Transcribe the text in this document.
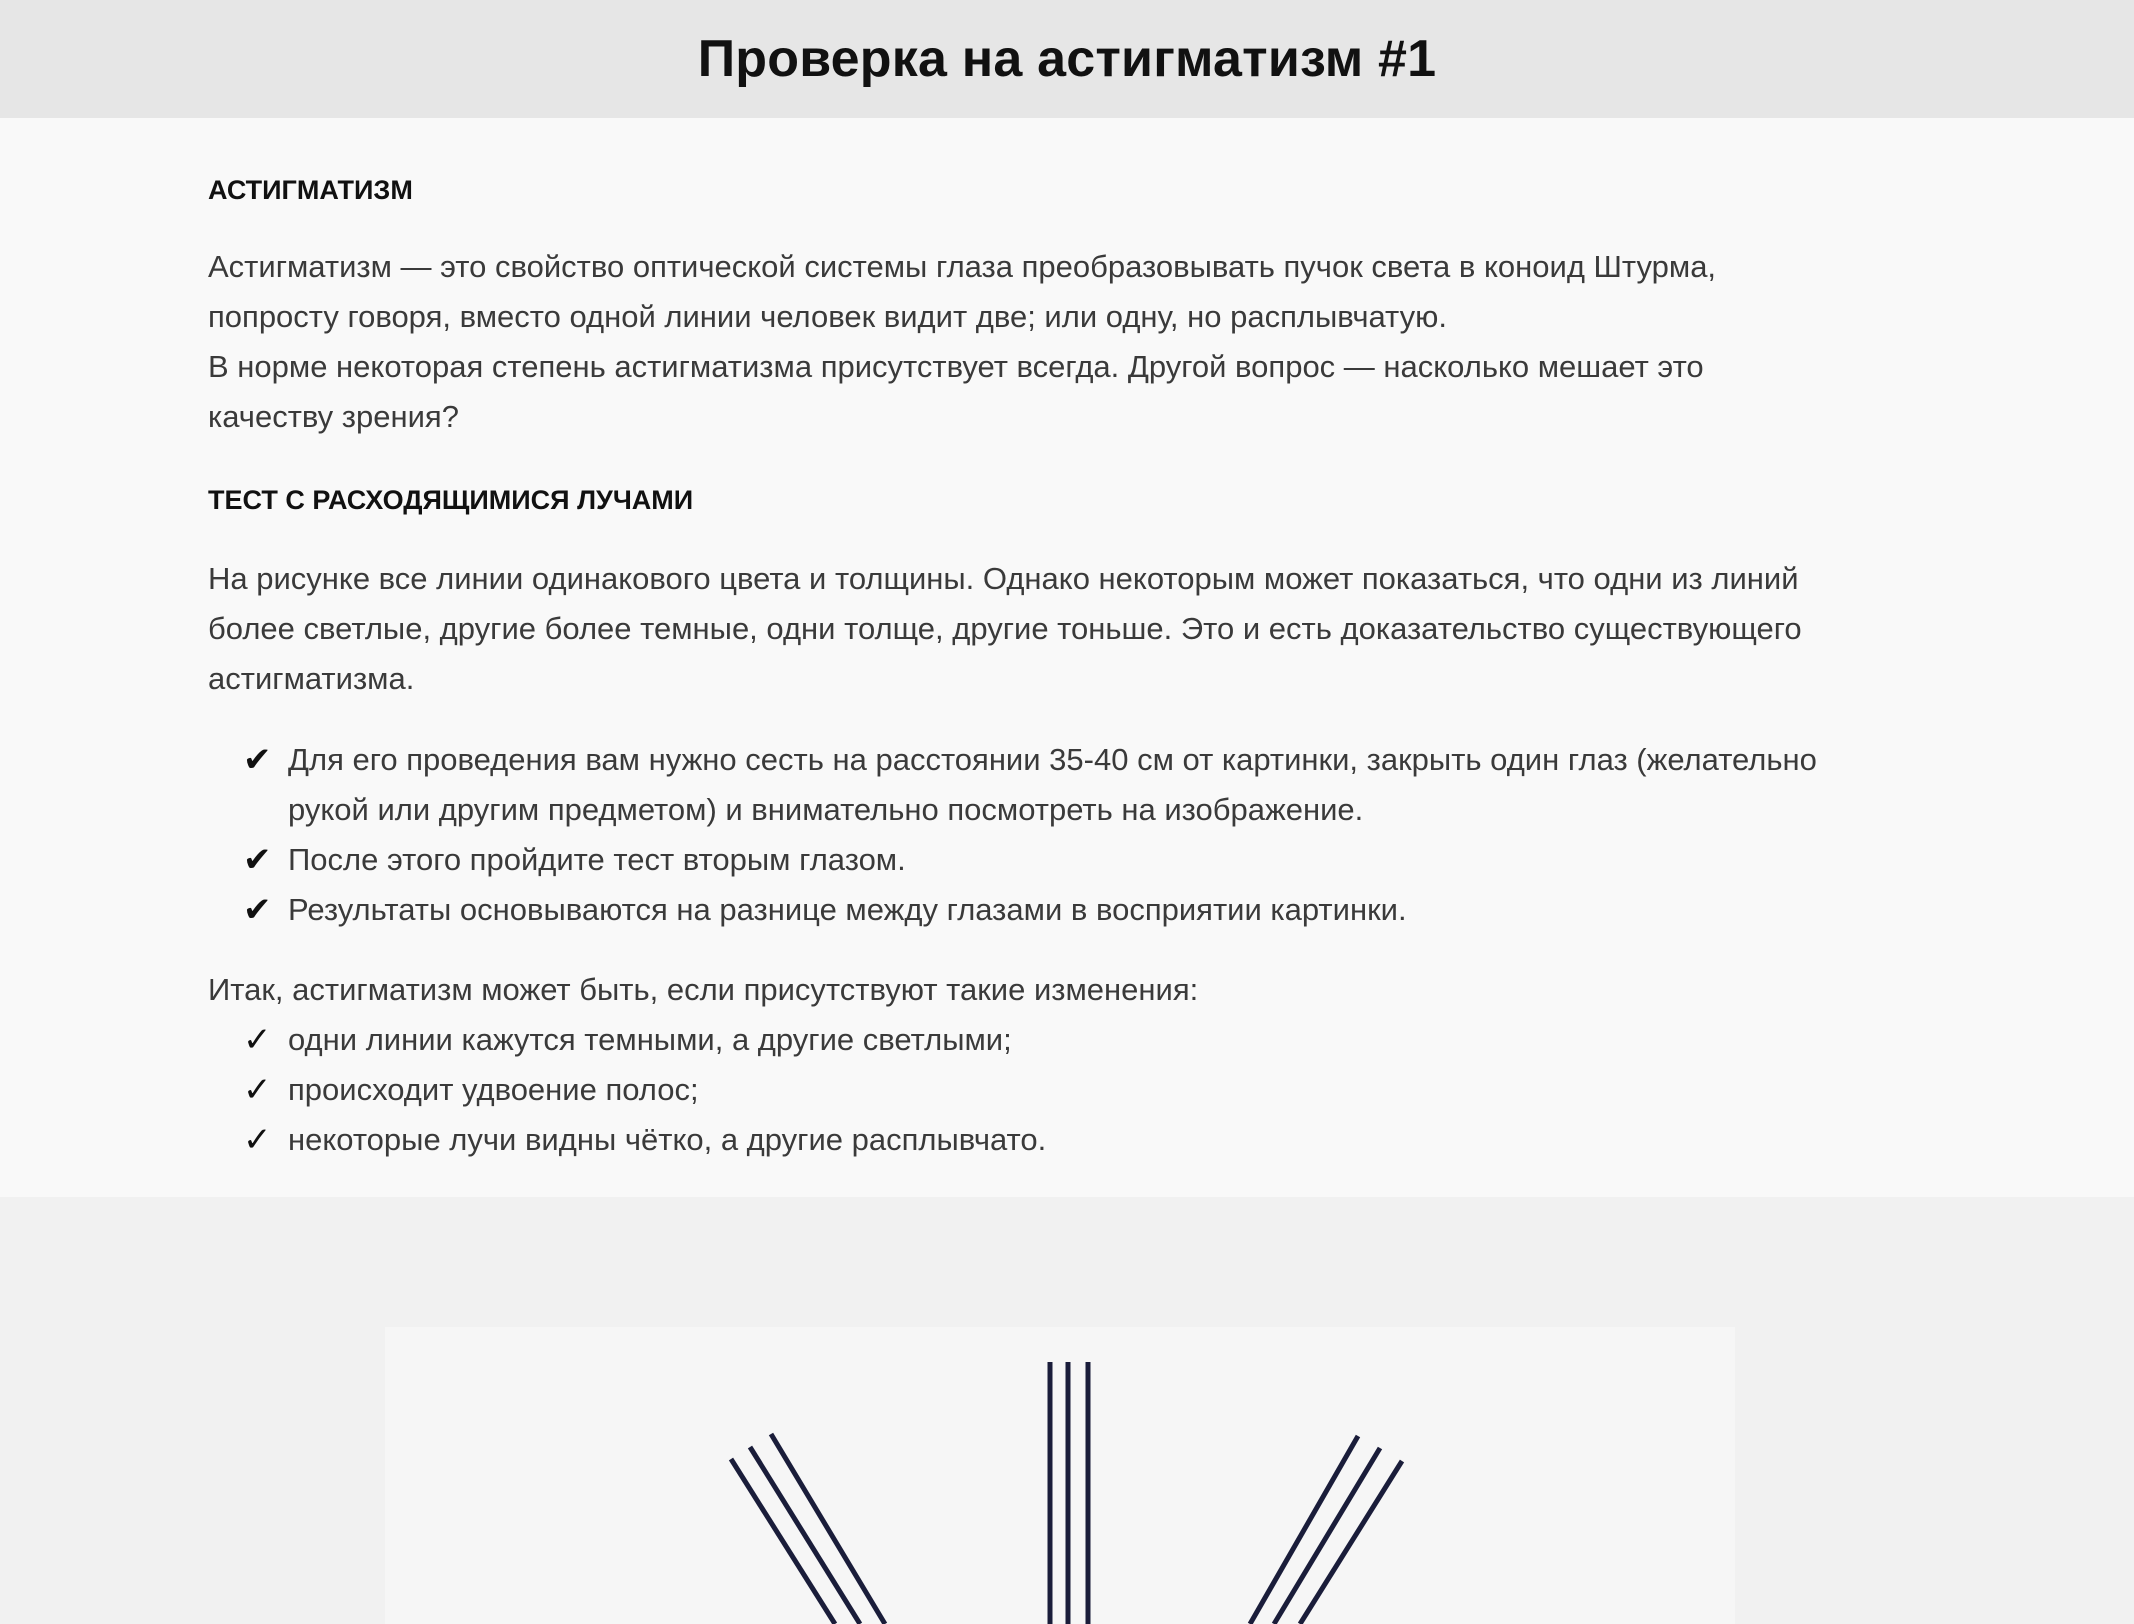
Проверка на астигматизм #1
АСТИГМАТИЗМ

Астигматизм — это свойство оптической системы глаза преобразовывать пучок света в коноид Штурма,
попросту говоря, вместо одной линии человек видит две; или одну, но расплывчатую.
В норме некоторая степень астигматизма присутствует всегда. Другой вопрос — насколько мешает это
качеству зрения?

ТЕСТ С РАСХОДЯЩИМИСЯ ЛУЧАМИ

На рисунке все линии одинакового цвета и толщины. Однако некоторым может показаться, что одни из линий
более светлые, другие более темные, одни толще, другие тоньше. Это и есть доказательство существующего
астигматизма.

✔ Для его проведения вам нужно сесть на расстоянии 35-40 см от картинки, закрыть один глаз (желательно
рукой или другим предметом) и внимательно посмотреть на изображение.
✔ После этого пройдите тест вторым глазом.
✔ Результаты основываются на разнице между глазами в восприятии картинки.

Итак, астигматизм может быть, если присутствуют такие изменения:

✓ одни линии кажутся темными, а другие светлыми;
✓ происходит удвоение полос;
✓ некоторые лучи видны чётко, а другие расплывчато.
